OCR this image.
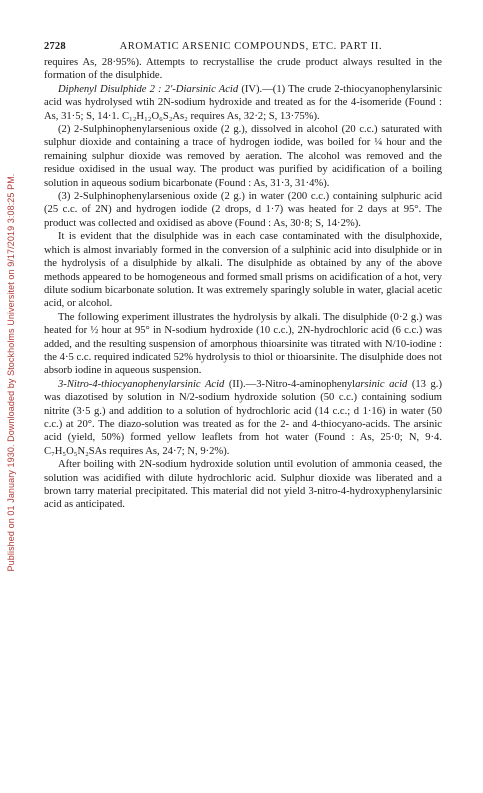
Published on 01 January 1930. Downloaded by Stockholms Universitet on 9/17/2019 3:08:25 PM.
2728	AROMATIC ARSENIC COMPOUNDS, ETC. PART II.

requires As, 28·95%). Attempts to recrystallise the crude product always resulted in the formation of the disulphide.

Diphenyl Disulphide 2 : 2′-Diarsinic Acid (IV).—(1) The crude 2-thiocyanophenylarsinic acid was hydrolysed wtih 2N-sodium hydroxide and treated as for the 4-isomeride (Found : As, 31·5; S, 14·1. C₁₂H₁₂O₆S₂As₂ requires As, 32·2; S, 13·75%).

(2) 2-Sulphinophenylarsenious oxide (2 g.), dissolved in alcohol (20 c.c.) saturated with sulphur dioxide and containing a trace of hydrogen iodide, was boiled for ¼ hour and the remaining sulphur dioxide was removed by aeration. The alcohol was removed and the residue oxidised in the usual way. The product was purified by acidification of a boiling solution in aqueous sodium bicarbonate (Found : As, 31·3, 31·4%).

(3) 2-Sulphinophenylarsenious oxide (2 g.) in water (200 c.c.) containing sulphuric acid (25 c.c. of 2N) and hydrogen iodide (2 drops, d 1·7) was heated for 2 days at 95°. The product was collected and oxidised as above (Found : As, 30·8; S, 14·2%).

It is evident that the disulphide was in each case contaminated with the disulphoxide, which is almost invariably formed in the conversion of a sulphinic acid into disulphide or in the hydrolysis of a disulphide by alkali. The disulphide as obtained by any of the above methods appeared to be homogeneous and formed small prisms on acidification of a hot, very dilute sodium bicarbonate solution. It was extremely sparingly soluble in water, glacial acetic acid, or alcohol.

The following experiment illustrates the hydrolysis by alkali. The disulphide (0·2 g.) was heated for ½ hour at 95° in N-sodium hydroxide (10 c.c.), 2N-hydrochloric acid (6 c.c.) was added, and the resulting suspension of amorphous thioarsinite was titrated with N/10-iodine : the 4·5 c.c. required indicated 52% hydrolysis to thiol or thioarsinite. The disulphide does not absorb iodine in aqueous suspension.

3-Nitro-4-thiocyanophenylarsinic Acid (II).—3-Nitro-4-aminophenylarsinic acid (13 g.) was diazotised by solution in N/2-sodium hydroxide solution (50 c.c.) containing sodium nitrite (3·5 g.) and addition to a solution of hydrochloric acid (14 c.c.; d 1·16) in water (50 c.c.) at 20°. The diazo-solution was treated as for the 2- and 4-thiocyano-acids. The arsinic acid (yield, 50%) formed yellow leaflets from hot water (Found : As, 25·0; N, 9·4. C₇H₅O₅N₂SAs requires As, 24·7; N, 9·2%).

After boiling with 2N-sodium hydroxide solution until evolution of ammonia ceased, the solution was acidified with dilute hydrochloric acid. Sulphur dioxide was liberated and a brown tarry material precipitated. This material did not yield 3-nitro-4-hydroxyphenylarsinic acid as anticipated.
